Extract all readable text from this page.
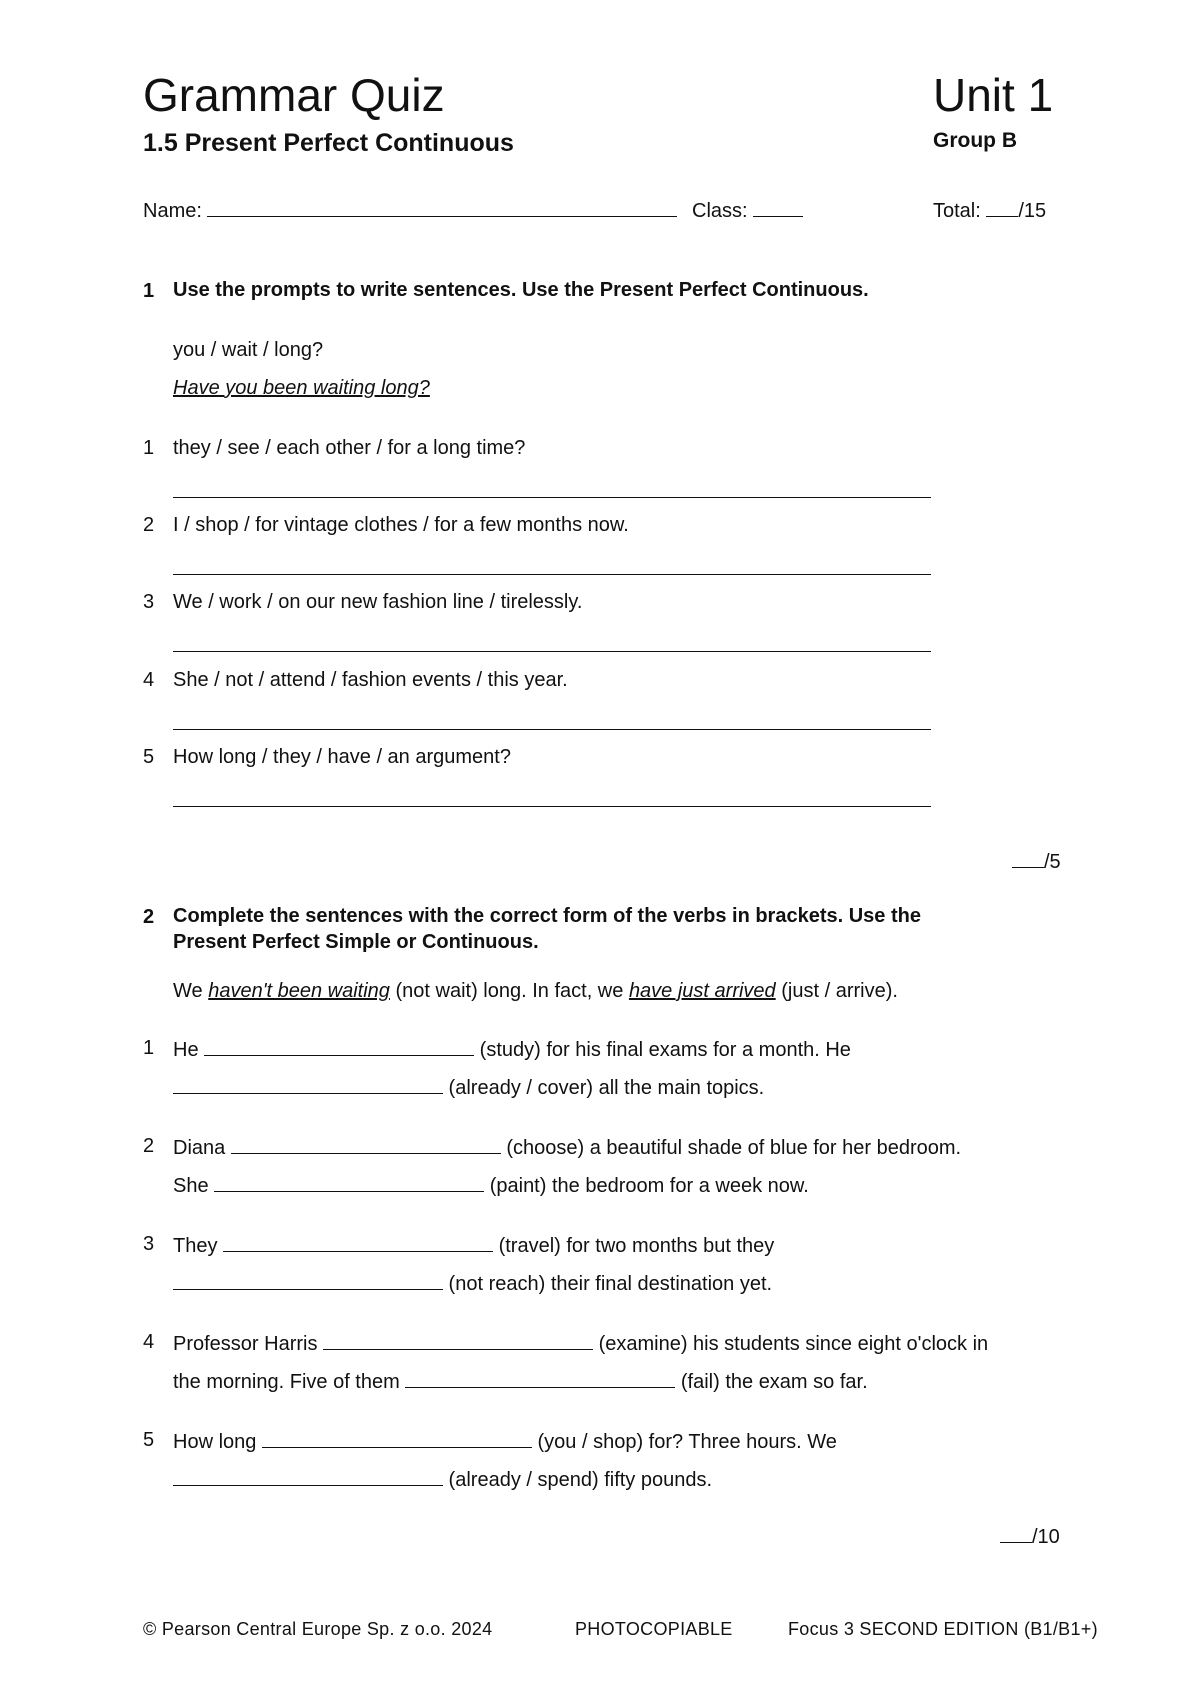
Grammar Quiz	Unit 1
1.5 Present Perfect Continuous	Group B
Name:	Class:	Total: /15
1 Use the prompts to write sentences. Use the Present Perfect Continuous.
you / wait / long?
Have you been waiting long?
1 they / see / each other / for a long time?
2 I / shop / for vintage clothes / for a few months now.
3 We / work / on our new fashion line / tirelessly.
4 She / not / attend / fashion events / this year.
5 How long / they / have / an argument?
/5
2 Complete the sentences with the correct form of the verbs in brackets. Use the
Present Perfect Simple or Continuous.
We haven't been waiting (not wait) long. In fact, we have just arrived (just / arrive).
1 He	(study) for his final exams for a month. He
(already / cover) all the main topics.
2 Diana	(choose) a beautiful shade of blue for her bedroom.
She	(paint) the bedroom for a week now.
3 They	(travel) for two months but they
(not reach) their final destination yet.
4 Professor Harris	(examine) his students since eight o'clock in
the morning. Five of them	(fail) the exam so far.
5 How long	(you / shop) for? Three hours. We
(already / spend) fifty pounds.
/10
© Pearson Central Europe Sp. z o.o. 2024	PHOTOCOPIABLE	Focus 3 SECOND EDITION (B1/B1+)
